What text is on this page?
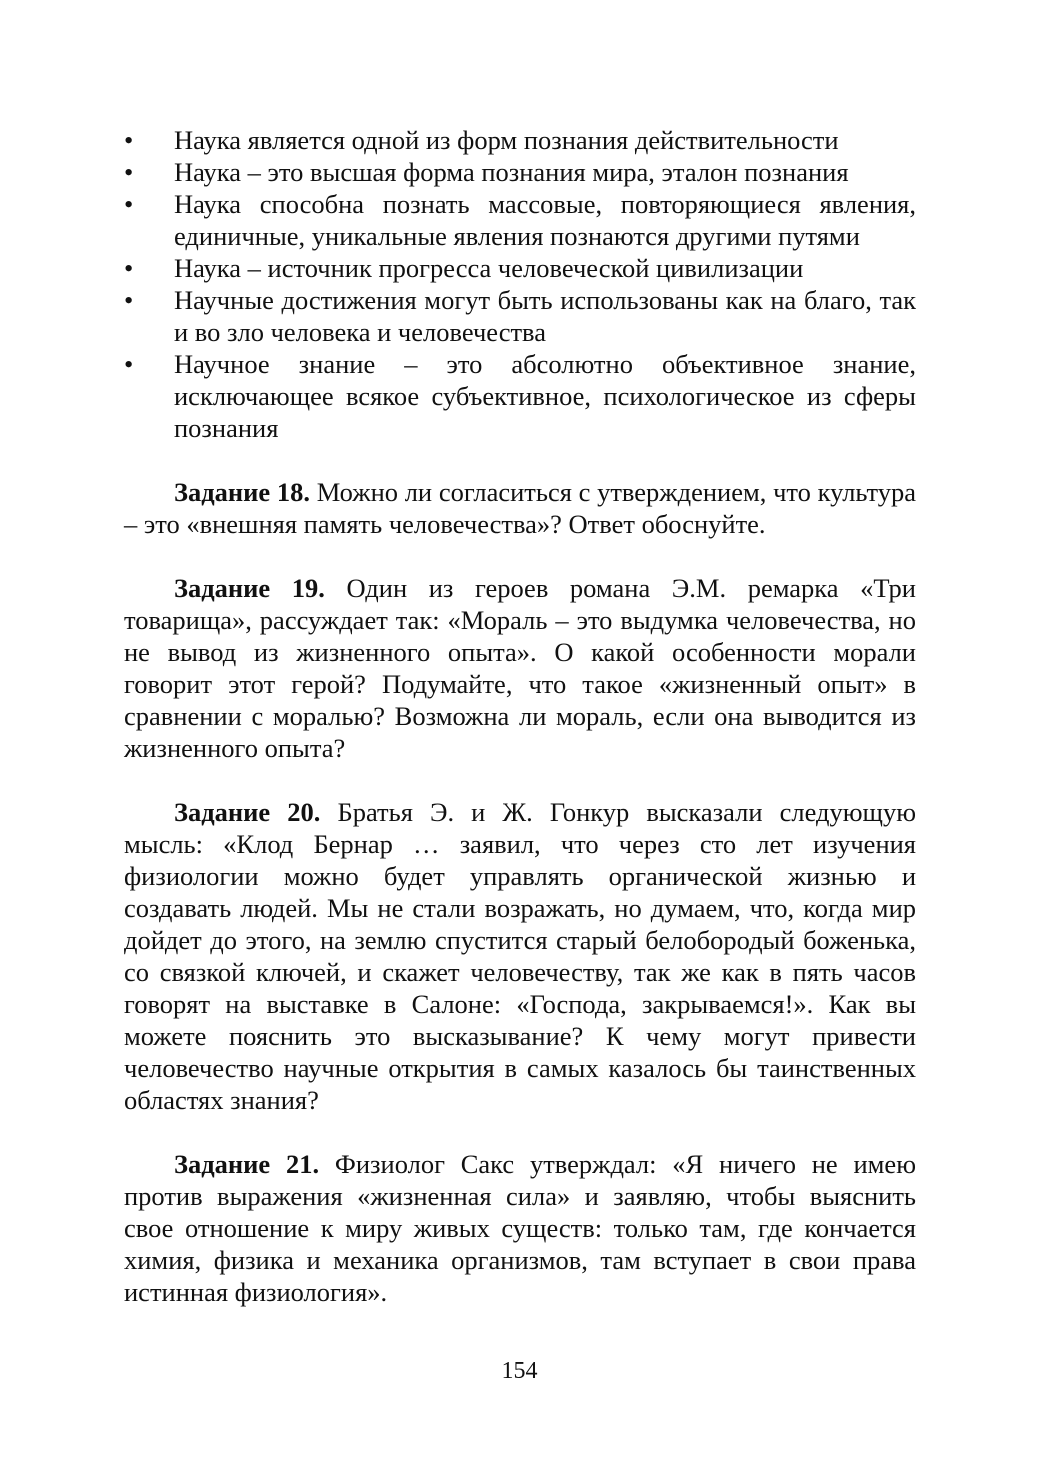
•	Наука является одной из форм познания действительности
•	Наука – это высшая форма познания мира, эталон познания
•	Наука способна познать массовые, повторяющиеся явления, единичные, уникальные явления познаются другими путями
•	Наука – источник прогресса человеческой цивилизации
•	Научные достижения могут быть использованы как на благо, так и во зло человека и человечества
•	Научное знание – это абсолютно объективное знание, исключающее всякое субъективное, психологическое из сферы познания

Задание 18. Можно ли согласиться с утверждением, что культура – это «внешняя память человечества»? Ответ обоснуйте.

Задание 19. Один из героев романа Э.М. ремарка «Три товарища», рассуждает так: «Мораль – это выдумка человечества, но не вывод из жизненного опыта». О какой особенности морали говорит этот герой? Подумайте, что такое «жизненный опыт» в сравнении с моралью? Возможна ли мораль, если она выводится из жизненного опыта?

Задание 20. Братья Э. и Ж. Гонкур высказали следующую мысль: «Клод Бернар … заявил, что через сто лет изучения физиологии можно будет управлять органической жизнью и создавать людей. Мы не стали возражать, но думаем, что, когда мир дойдет до этого, на землю спустится старый белобородый боженька, со связкой ключей, и скажет человечеству, так же как в пять часов говорят на выставке в Салоне: «Господа, закрываемся!». Как вы можете пояснить это высказывание? К чему могут привести человечество научные открытия в самых казалось бы таинственных областях знания?

Задание 21. Физиолог Сакс утверждал: «Я ничего не имею против выражения «жизненная сила» и заявляю, чтобы выяснить свое отношение к миру живых существ: только там, где кончается химия, физика и механика организмов, там вступает в свои права истинная физиология».

154
